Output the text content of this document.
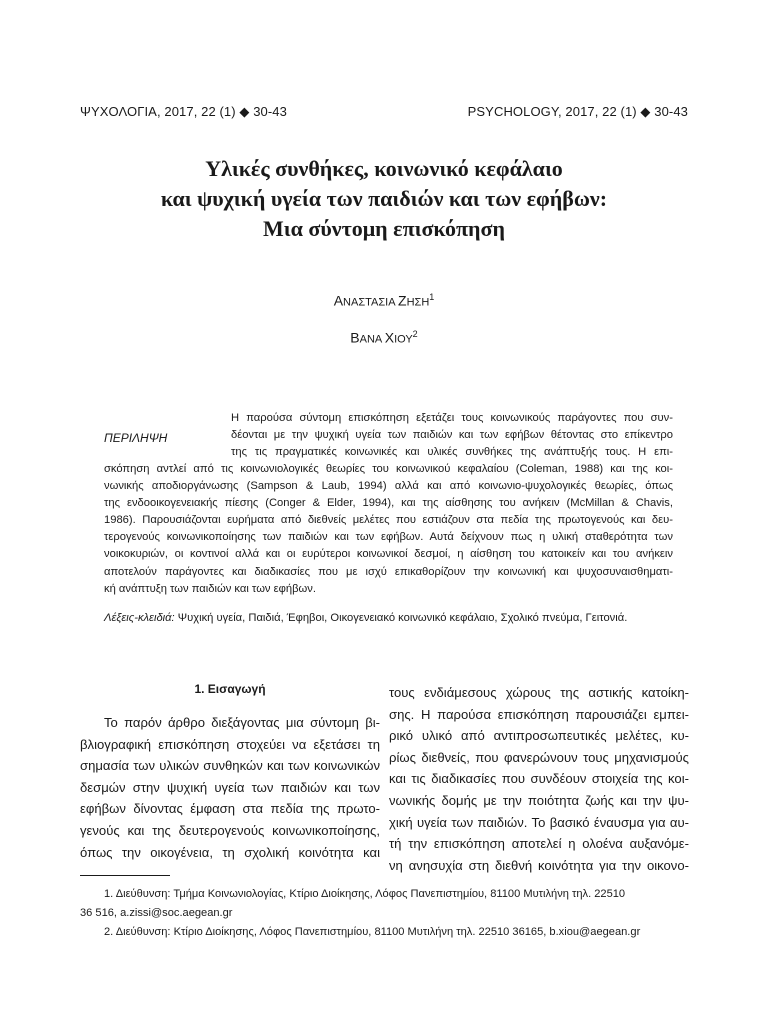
ΨΥΧΟΛΟΓΙΑ, 2017, 22 (1) ◆ 30-43	PSYCHOLOGY, 2017, 22 (1) ◆ 30-43
Υλικές συνθήκες, κοινωνικό κεφάλαιο
και ψυχική υγεία των παιδιών και των εφήβων:
Μια σύντομη επισκόπηση
ΑΝΑΣΤΑΣΙΑ ΖΗΣΗ$^1$
ΒΑΝΑ ΧΙΟΥ$^2$
ΠΕΡΙΛΗΨΗ
Η παρούσα σύντομη επισκόπηση εξετάζει τους κοινωνικούς παράγοντες που συν-
δέονται με την ψυχική υγεία των παιδιών και των εφήβων θέτοντας στο επίκεντρο
της τις πραγματικές κοινωνικές και υλικές συνθήκες της ανάπτυξής τους. Η επι-
σκόπηση αντλεί από τις κοινωνιολογικές θεωρίες του κοινωνικού κεφαλαίου (Coleman, 1988) και της κοι-
νωνικής αποδιοργάνωσης (Sampson & Laub, 1994) αλλά και από κοινωνιο-ψυχολογικές θεωρίες, όπως
της ενδοοικογενειακής πίεσης (Conger & Elder, 1994), και της αίσθησης του ανήκειν (McMillan & Chavis,
1986). Παρουσιάζονται ευρήματα από διεθνείς μελέτες που εστιάζουν στα πεδία της πρωτογενούς και δευ-
τερογενούς κοινωνικοποίησης των παιδιών και των εφήβων. Αυτά δείχνουν πως η υλική σταθερότητα των
νοικοκυριών, οι κοντινοί αλλά και οι ευρύτεροι κοινωνικοί δεσμοί, η αίσθηση του κατοικείν και του ανήκειν
αποτελούν παράγοντες και διαδικασίες που με ισχύ επικαθορίζουν την κοινωνική και ψυχοσυναισθηματι-
κή ανάπτυξη των παιδιών και των εφήβων.
Λέξεις-κλειδιά: Ψυχική υγεία, Παιδιά, Έφηβοι, Οικογενειακό κοινωνικό κεφάλαιο, Σχολικό πνεύμα, Γειτονιά.
1. Εισαγωγή
Το παρόν άρθρο διεξάγοντας μια σύντομη βι-
βλιογραφική επισκόπηση στοχεύει να εξετάσει τη
σημασία των υλικών συνθηκών και των κοινωνικών
δεσμών στην ψυχική υγεία των παιδιών και των
εφήβων δίνοντας έμφαση στα πεδία της πρωτο-
γενούς και της δευτερογενούς κοινωνικοποίησης,
όπως την οικογένεια, τη σχολική κοινότητα και
τους ενδιάμεσους χώρους της αστικής κατοίκη-
σης. Η παρούσα επισκόπηση παρουσιάζει εμπει-
ρικό υλικό από αντιπροσωπευτικές μελέτες, κυ-
ρίως διεθνείς, που φανερώνουν τους μηχανισμούς
και τις διαδικασίες που συνδέουν στοιχεία της κοι-
νωνικής δομής με την ποιότητα ζωής και την ψυ-
χική υγεία των παιδιών. Το βασικό έναυσμα για αυ-
τή την επισκόπηση αποτελεί η ολοένα αυξανόμε-
νη ανησυχία στη διεθνή κοινότητα για την οικονο-
1. Διεύθυνση: Τμήμα Κοινωνιολογίας, Κτίριο Διοίκησης, Λόφος Πανεπιστημίου, 81100 Μυτιλήνη τηλ. 22510
36 516, a.zissi@soc.aegean.gr
2. Διεύθυνση: Κτίριο Διοίκησης, Λόφος Πανεπιστημίου, 81100 Μυτιλήνη τηλ. 22510 36165, b.xiou@aegean.gr
